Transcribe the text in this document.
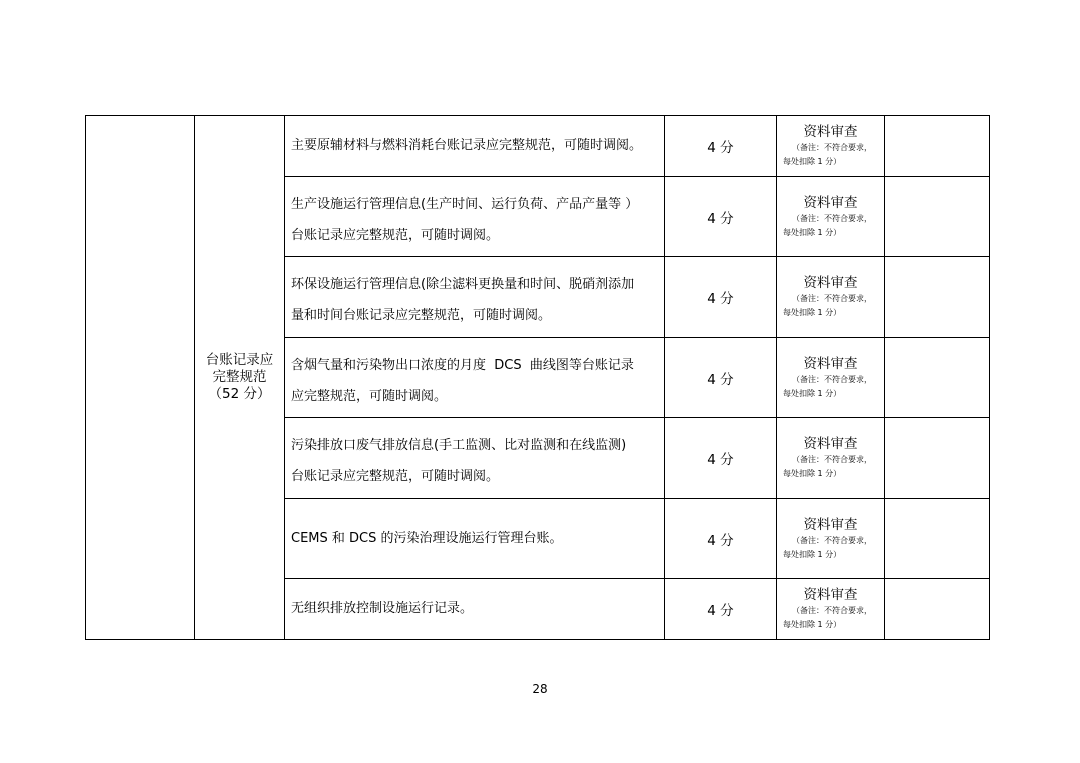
	台账记录应
完整规范
（52 分）	主要原辅材料与燃料消耗台账记录应完整规范，可随时调阅。	4 分	资料审查
（备注：不符合要求，
每处扣除 1 分）	

		生产设施运行管理信息(生产时间、运行负荷、产品产量等 ）
台账记录应完整规范，可随时调阅。	4 分	资料审查
（备注：不符合要求，
每处扣除 1 分）	

		环保设施运行管理信息(除尘滤料更换量和时间、脱硝剂添加
量和时间台账记录应完整规范，可随时调阅。	4 分	资料审查
（备注：不符合要求，
每处扣除 1 分）	

		含烟气量和污染物出口浓度的月度  DCS  曲线图等台账记录
应完整规范，可随时调阅。	4 分	资料审查
（备注：不符合要求，
每处扣除 1 分）	

		污染排放口废气排放信息(手工监测、比对监测和在线监测)
台账记录应完整规范，可随时调阅。	4 分	资料审查
（备注：不符合要求，
每处扣除 1 分）	

		CEMS 和 DCS 的污染治理设施运行管理台账。	4 分	资料审查
（备注：不符合要求，
每处扣除 1 分）	

		无组织排放控制设施运行记录。	4 分	资料审查
（备注：不符合要求，
每处扣除 1 分）	

28
